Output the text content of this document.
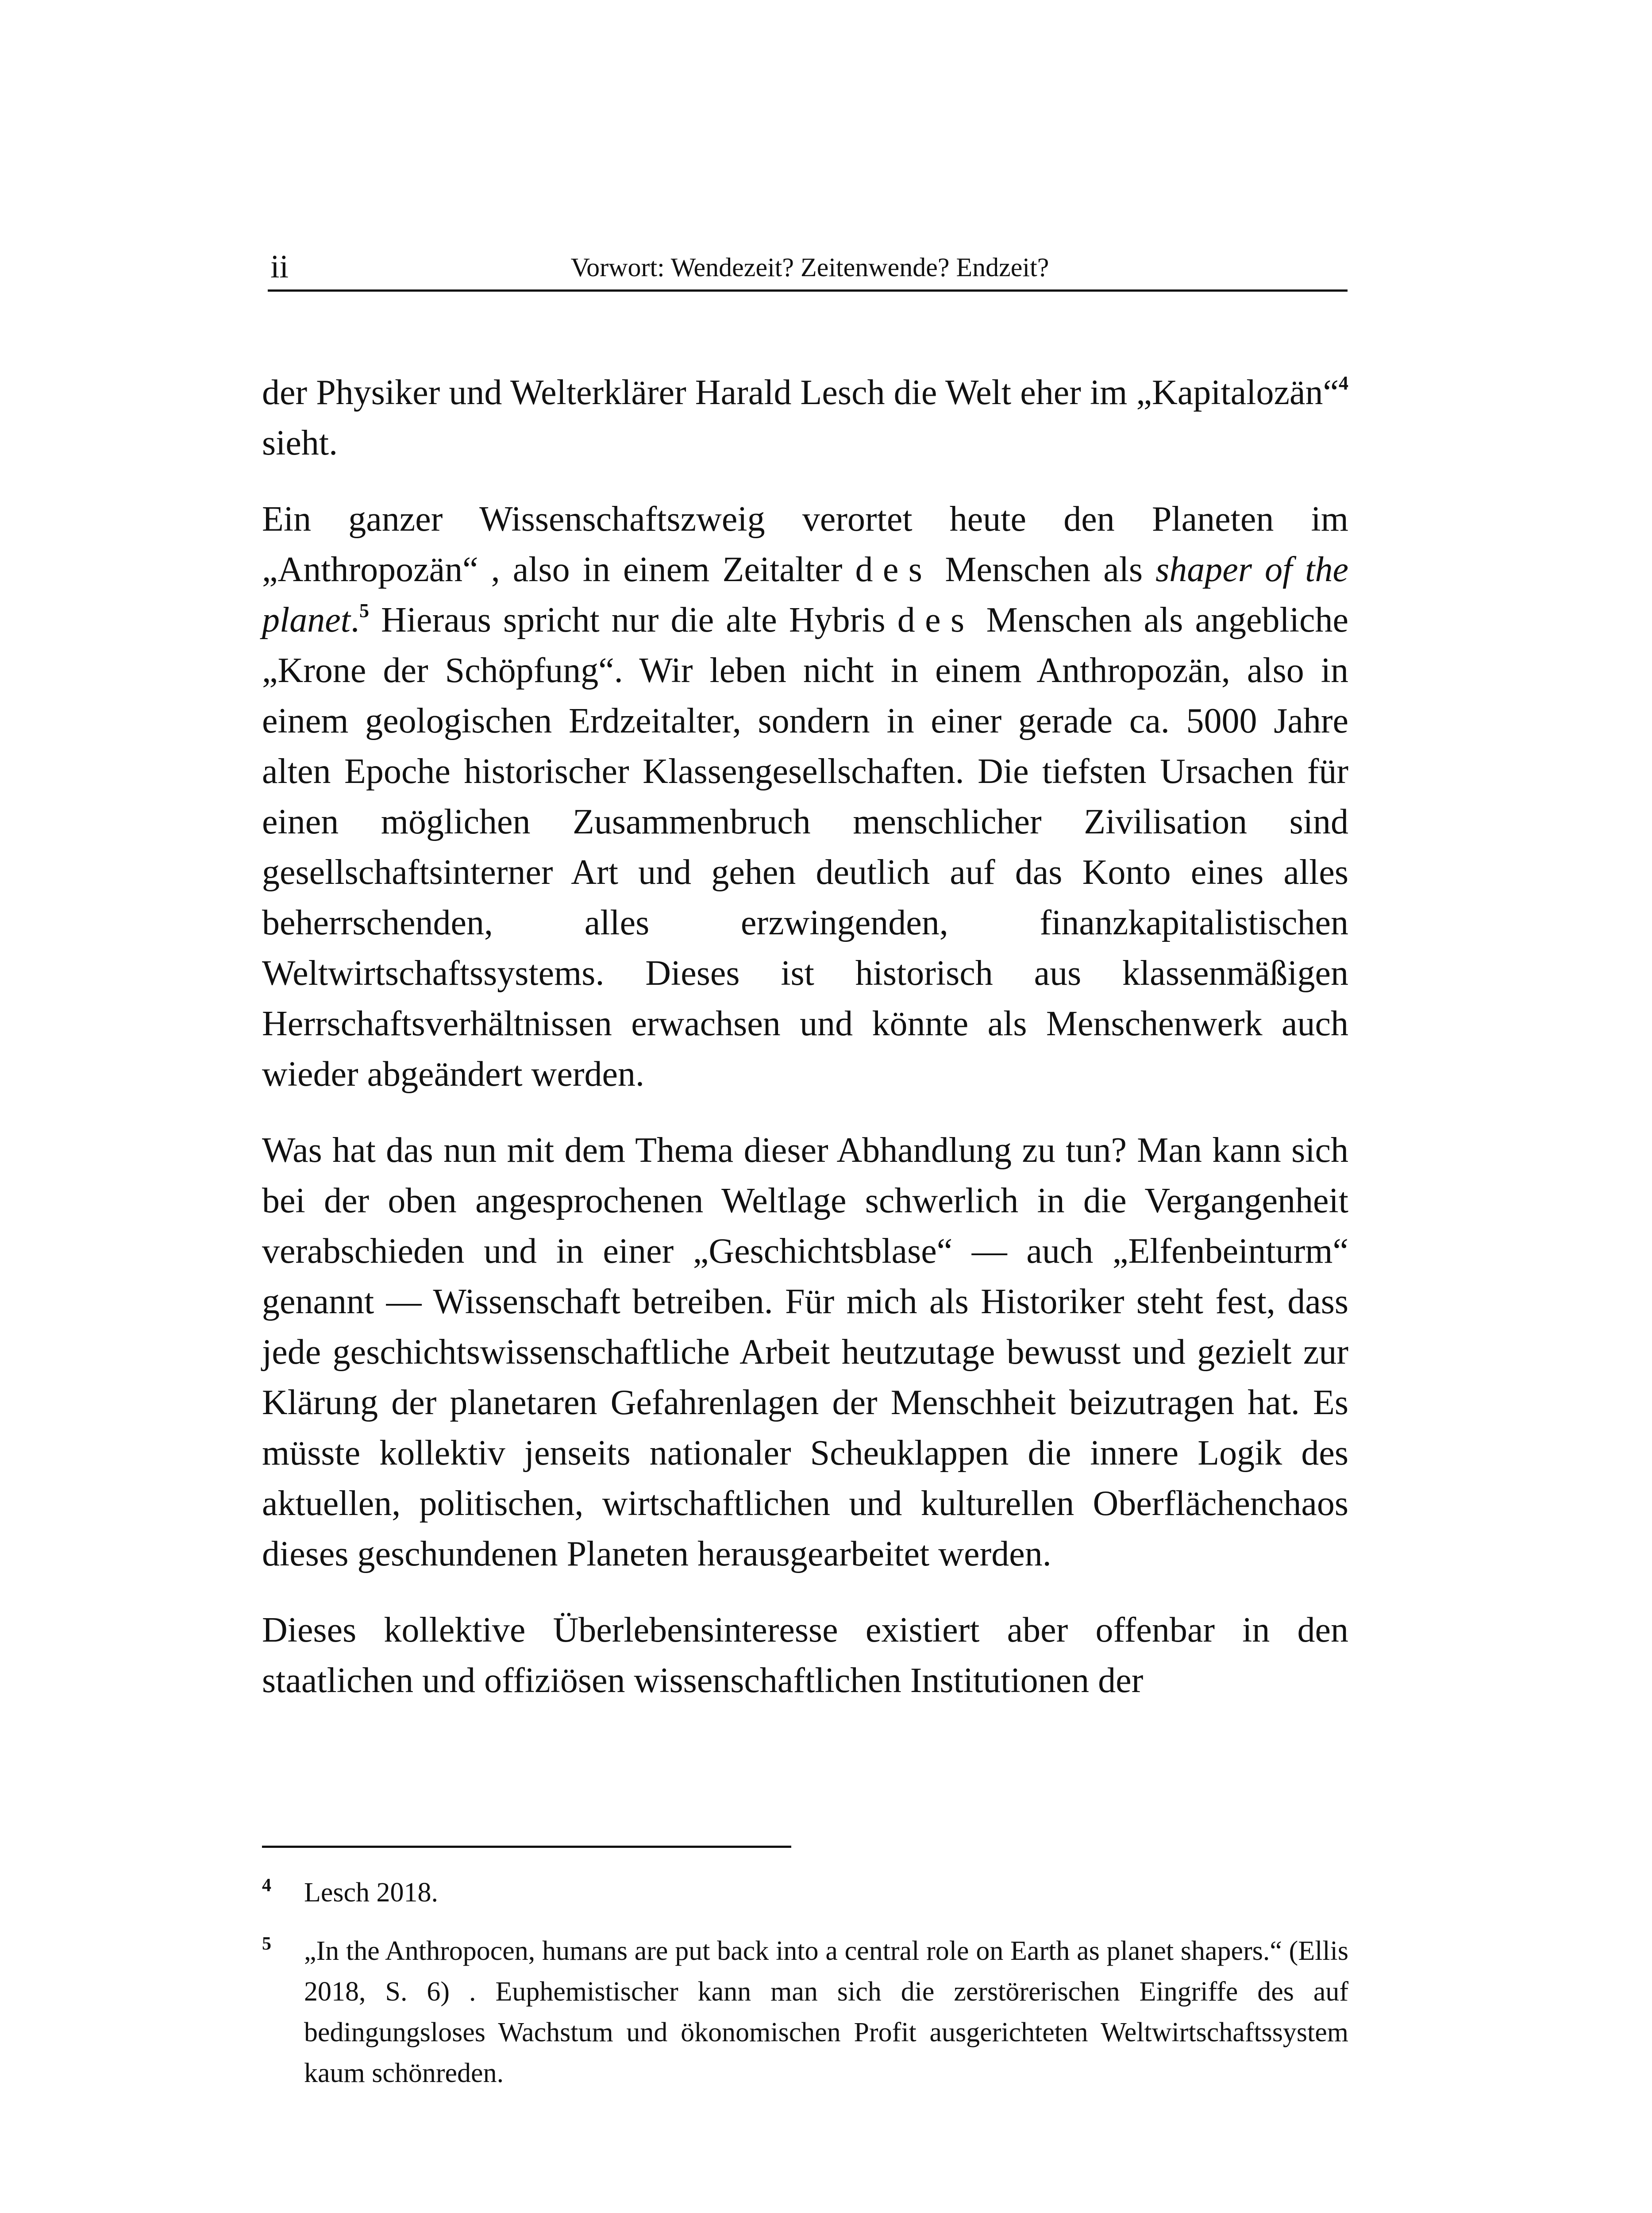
ii	Vorwort: Wendezeit? Zeitenwende? Endzeit?

der Physiker und Welterklärer Harald Lesch die Welt eher im „Kapitalozän“$^4$ sieht.

Ein ganzer Wissenschaftszweig verortet heute den Planeten im „Anthropozän“ , also in einem Zeitalter des Menschen als shaper of the planet.$^5$ Hieraus spricht nur die alte Hybris des Menschen als angebliche „Krone der Schöpfung“. Wir leben nicht in einem Anthropozän, also in einem geologischen Erdzeitalter, sondern in einer gerade ca. 5000 Jahre alten Epoche historischer Klassengesellschaften. Die tiefsten Ursachen für einen möglichen Zusammenbruch menschlicher Zivilisation sind gesellschaftsinterner Art und gehen deutlich auf das Konto eines alles beherrschenden, alles erzwingenden, finanzkapitalistischen Weltwirtschaftssystems. Dieses ist historisch aus klassenmäßigen Herrschaftsverhältnissen erwachsen und könnte als Menschenwerk auch wieder abgeändert werden.

Was hat das nun mit dem Thema dieser Abhandlung zu tun? Man kann sich bei der oben angesprochenen Weltlage schwerlich in die Vergangenheit verabschieden und in einer „Geschichtsblase“ — auch „Elfenbeinturm“ genannt — Wissenschaft betreiben. Für mich als Historiker steht fest, dass jede geschichtswissenschaftliche Arbeit heutzutage bewusst und gezielt zur Klärung der planetaren Gefahrenlagen der Menschheit beizutragen hat. Es müsste kollektiv jenseits nationaler Scheuklappen die innere Logik des aktuellen, politischen, wirtschaftlichen und kulturellen Oberflächenchaos dieses geschundenen Planeten herausgearbeitet werden.

Dieses kollektive Überlebensinteresse existiert aber offenbar in den staatlichen und offiziösen wissenschaftlichen Institutionen der

4 Lesch 2018.
5 „In the Anthropocen, humans are put back into a central role on Earth as planet shapers.“ (Ellis 2018, S. 6) . Euphemistischer kann man sich die zerstörerischen Eingriffe des auf bedingungsloses Wachstum und ökonomischen Profit ausgerichteten Weltwirtschaftssystem kaum schönreden.
